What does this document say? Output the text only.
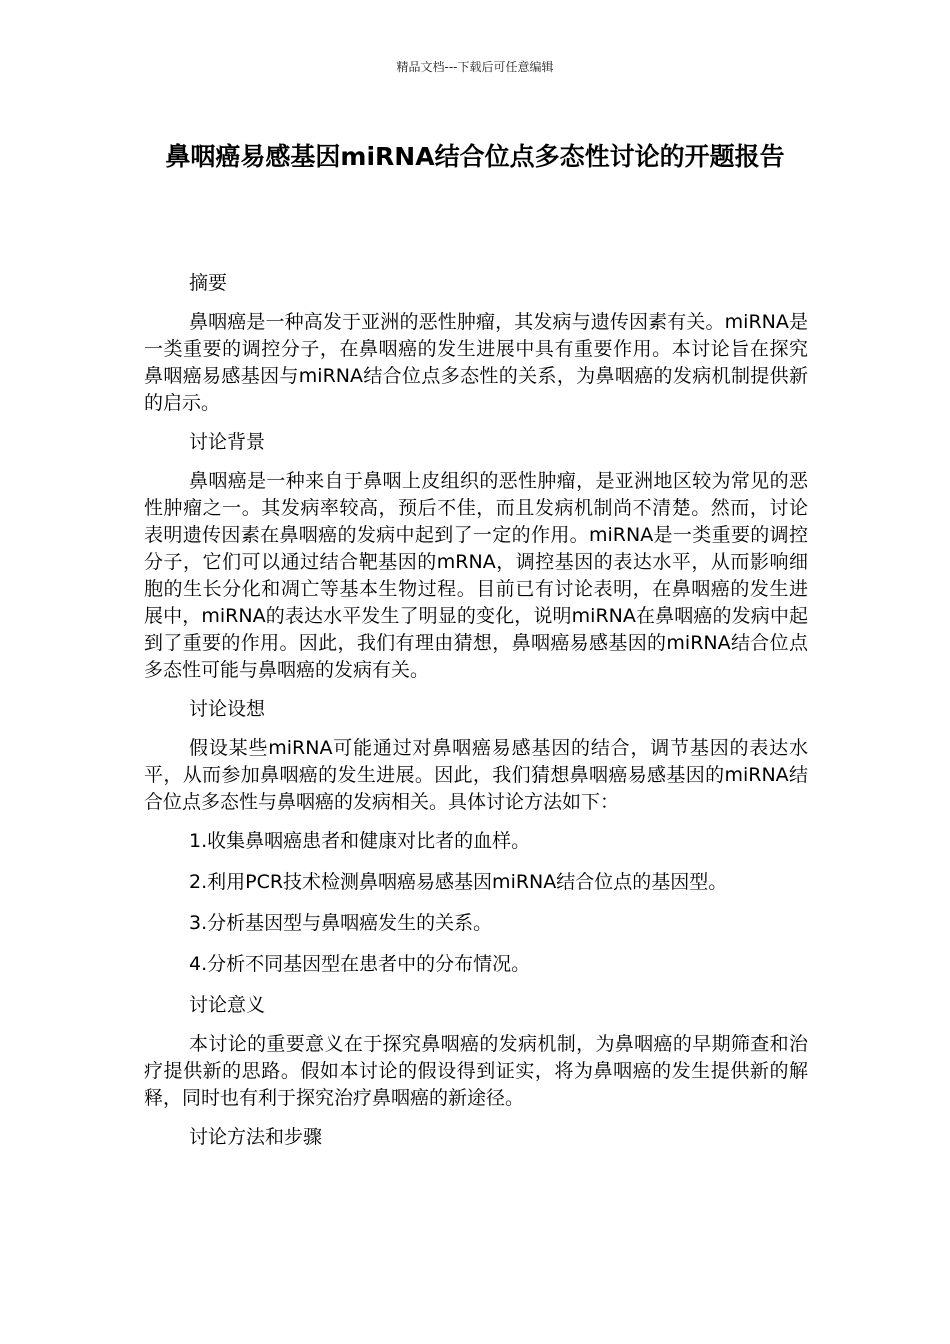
精品文档---下载后可任意编辑
鼻咽癌易感基因miRNA结合位点多态性讨论的开题报告

摘要

鼻咽癌是一种高发于亚洲的恶性肿瘤，其发病与遗传因素有关。miRNA是一类重要的调控分子，在鼻咽癌的发生进展中具有重要作用。本讨论旨在探究鼻咽癌易感基因与miRNA结合位点多态性的关系，为鼻咽癌的发病机制提供新的启示。

讨论背景

鼻咽癌是一种来自于鼻咽上皮组织的恶性肿瘤，是亚洲地区较为常见的恶性肿瘤之一。其发病率较高，预后不佳，而且发病机制尚不清楚。然而，讨论表明遗传因素在鼻咽癌的发病中起到了一定的作用。miRNA是一类重要的调控分子，它们可以通过结合靶基因的mRNA，调控基因的表达水平，从而影响细胞的生长分化和凋亡等基本生物过程。目前已有讨论表明，在鼻咽癌的发生进展中，miRNA的表达水平发生了明显的变化，说明miRNA在鼻咽癌的发病中起到了重要的作用。因此，我们有理由猜想，鼻咽癌易感基因的miRNA结合位点多态性可能与鼻咽癌的发病有关。

讨论设想

假设某些miRNA可能通过对鼻咽癌易感基因的结合，调节基因的表达水平，从而参加鼻咽癌的发生进展。因此，我们猜想鼻咽癌易感基因的miRNA结合位点多态性与鼻咽癌的发病相关。具体讨论方法如下：

1.收集鼻咽癌患者和健康对比者的血样。

2.利用PCR技术检测鼻咽癌易感基因miRNA结合位点的基因型。

3.分析基因型与鼻咽癌发生的关系。

4.分析不同基因型在患者中的分布情况。

讨论意义

本讨论的重要意义在于探究鼻咽癌的发病机制，为鼻咽癌的早期筛查和治疗提供新的思路。假如本讨论的假设得到证实，将为鼻咽癌的发生提供新的解释，同时也有利于探究治疗鼻咽癌的新途径。

讨论方法和步骤
